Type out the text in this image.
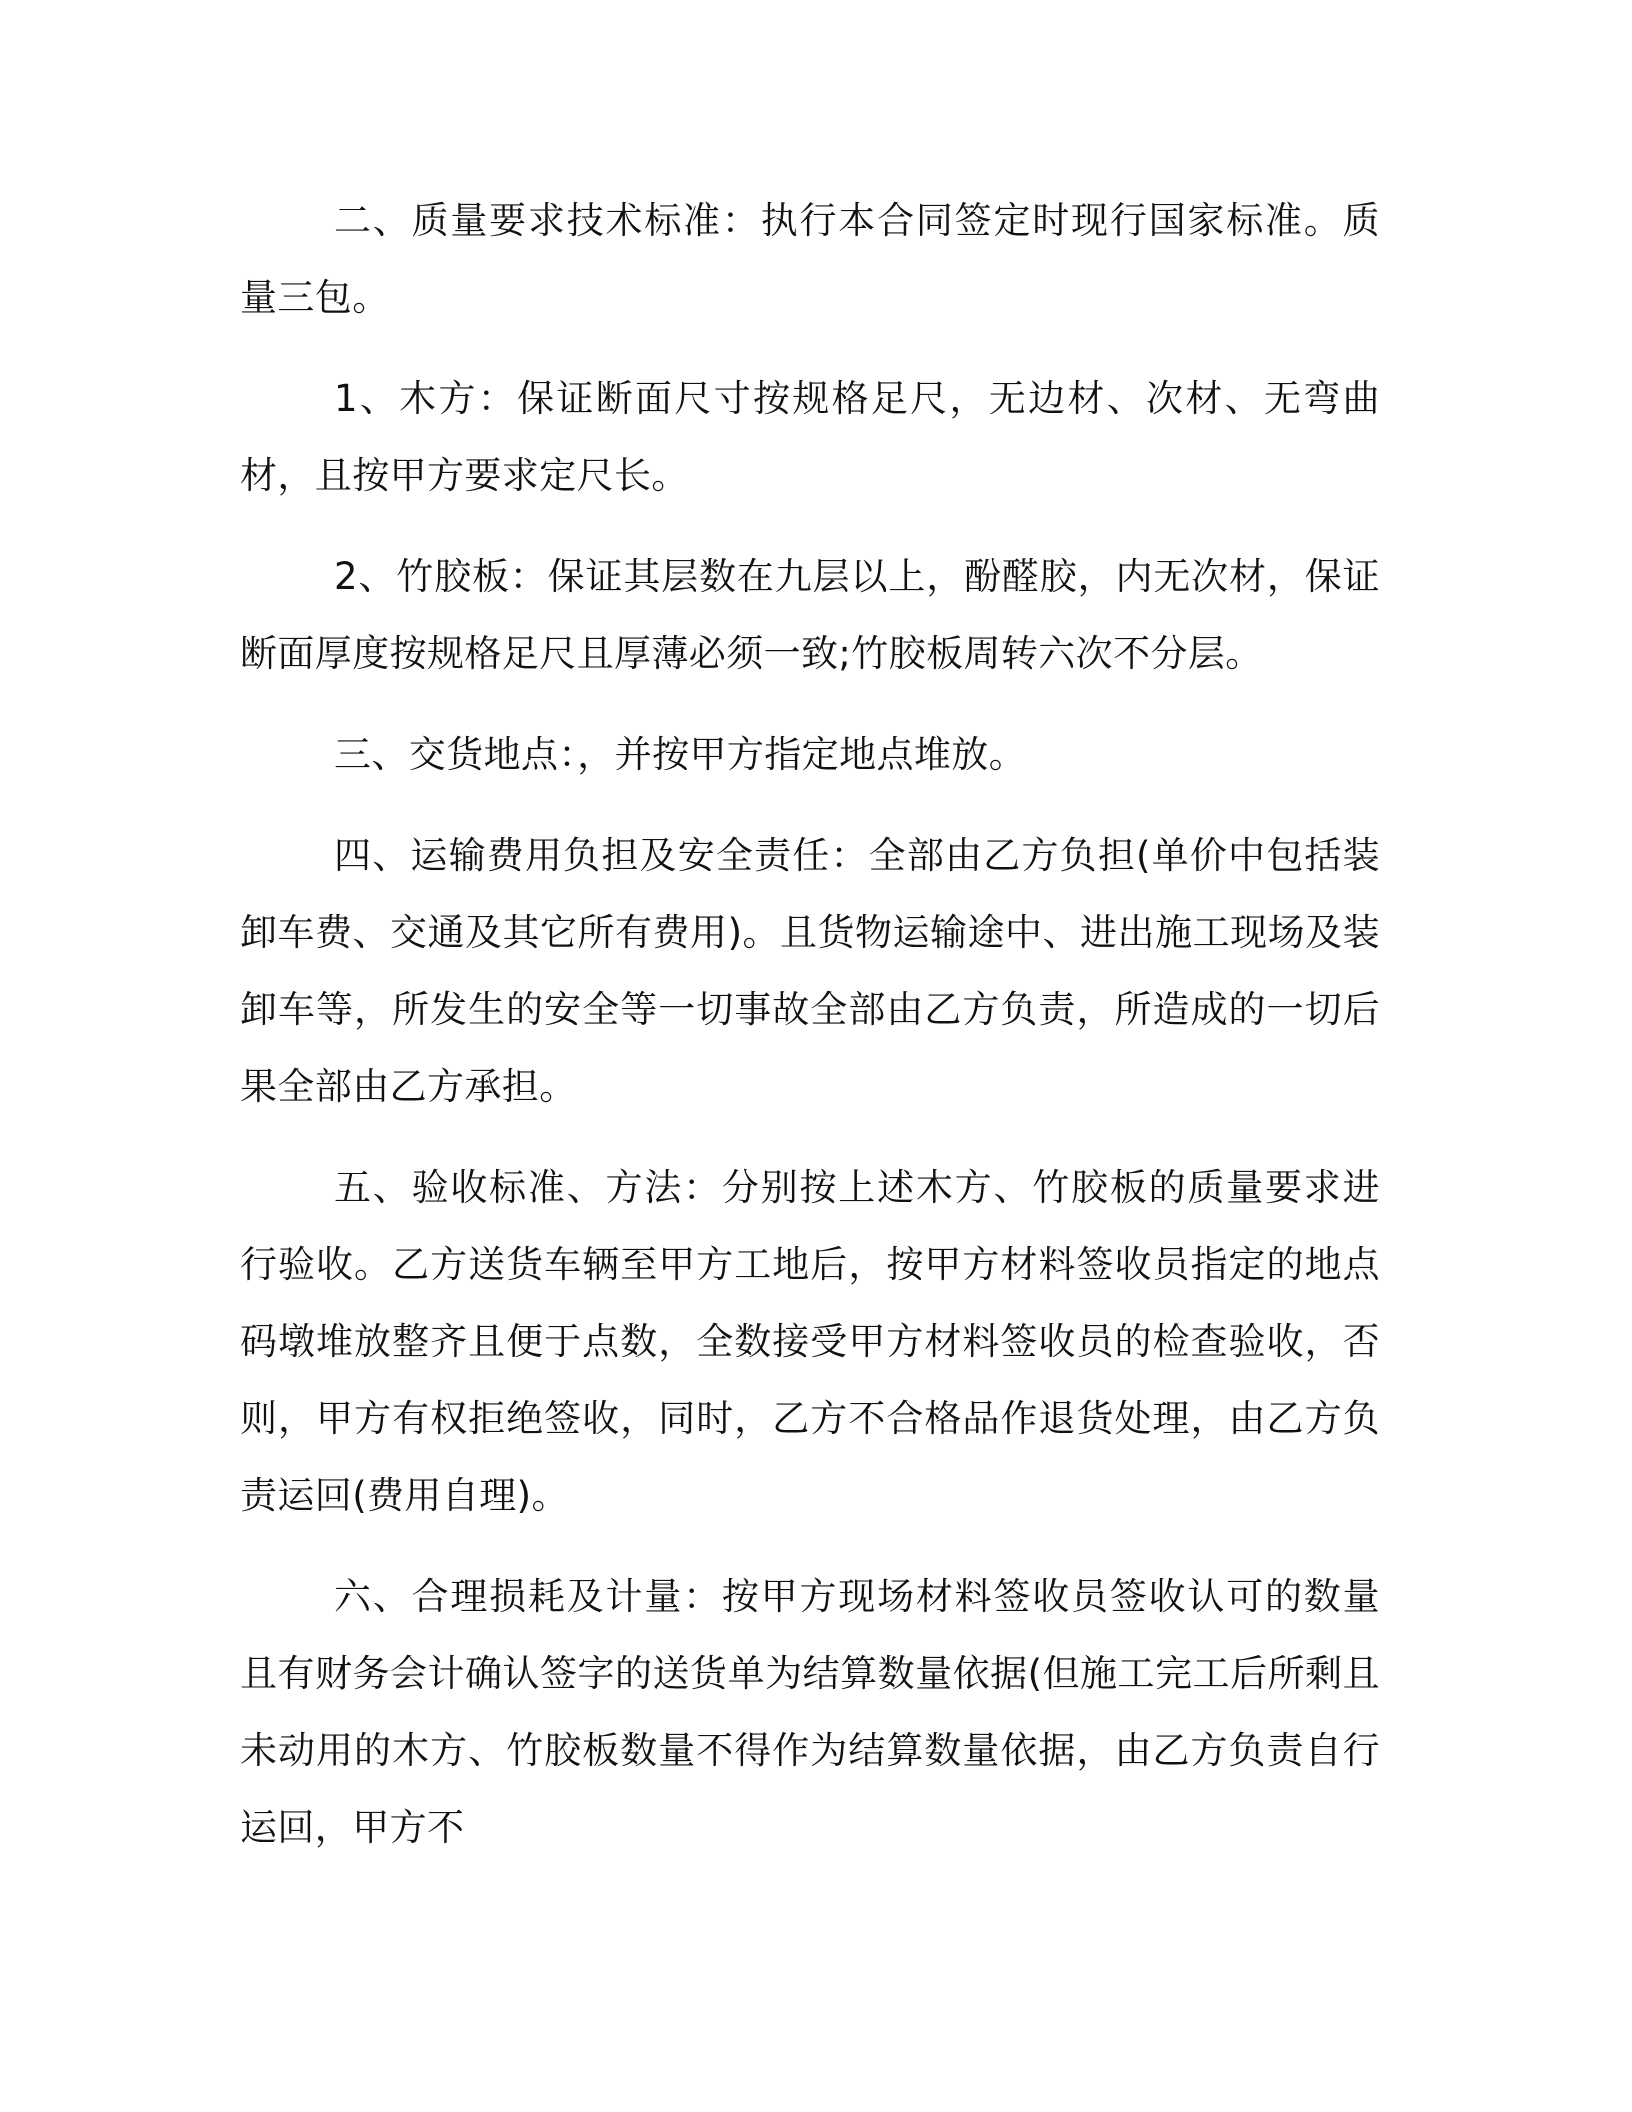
二、质量要求技术标准：执行本合同签定时现行国家标准。质量三包。

1、木方：保证断面尺寸按规格足尺，无边材、次材、无弯曲材，且按甲方要求定尺长。

2、竹胶板：保证其层数在九层以上，酚醛胶，内无次材，保证断面厚度按规格足尺且厚薄必须一致;竹胶板周转六次不分层。

三、交货地点：，并按甲方指定地点堆放。

四、运输费用负担及安全责任：全部由乙方负担(单价中包括装卸车费、交通及其它所有费用)。且货物运输途中、进出施工现场及装卸车等，所发生的安全等一切事故全部由乙方负责，所造成的一切后果全部由乙方承担。

五、验收标准、方法：分别按上述木方、竹胶板的质量要求进行验收。乙方送货车辆至甲方工地后，按甲方材料签收员指定的地点码墩堆放整齐且便于点数，全数接受甲方材料签收员的检查验收，否则，甲方有权拒绝签收，同时，乙方不合格品作退货处理，由乙方负责运回(费用自理)。

六、合理损耗及计量：按甲方现场材料签收员签收认可的数量且有财务会计确认签字的送货单为结算数量依据(但施工完工后所剩且未动用的木方、竹胶板数量不得作为结算数量依据，由乙方负责自行运回，甲方不
